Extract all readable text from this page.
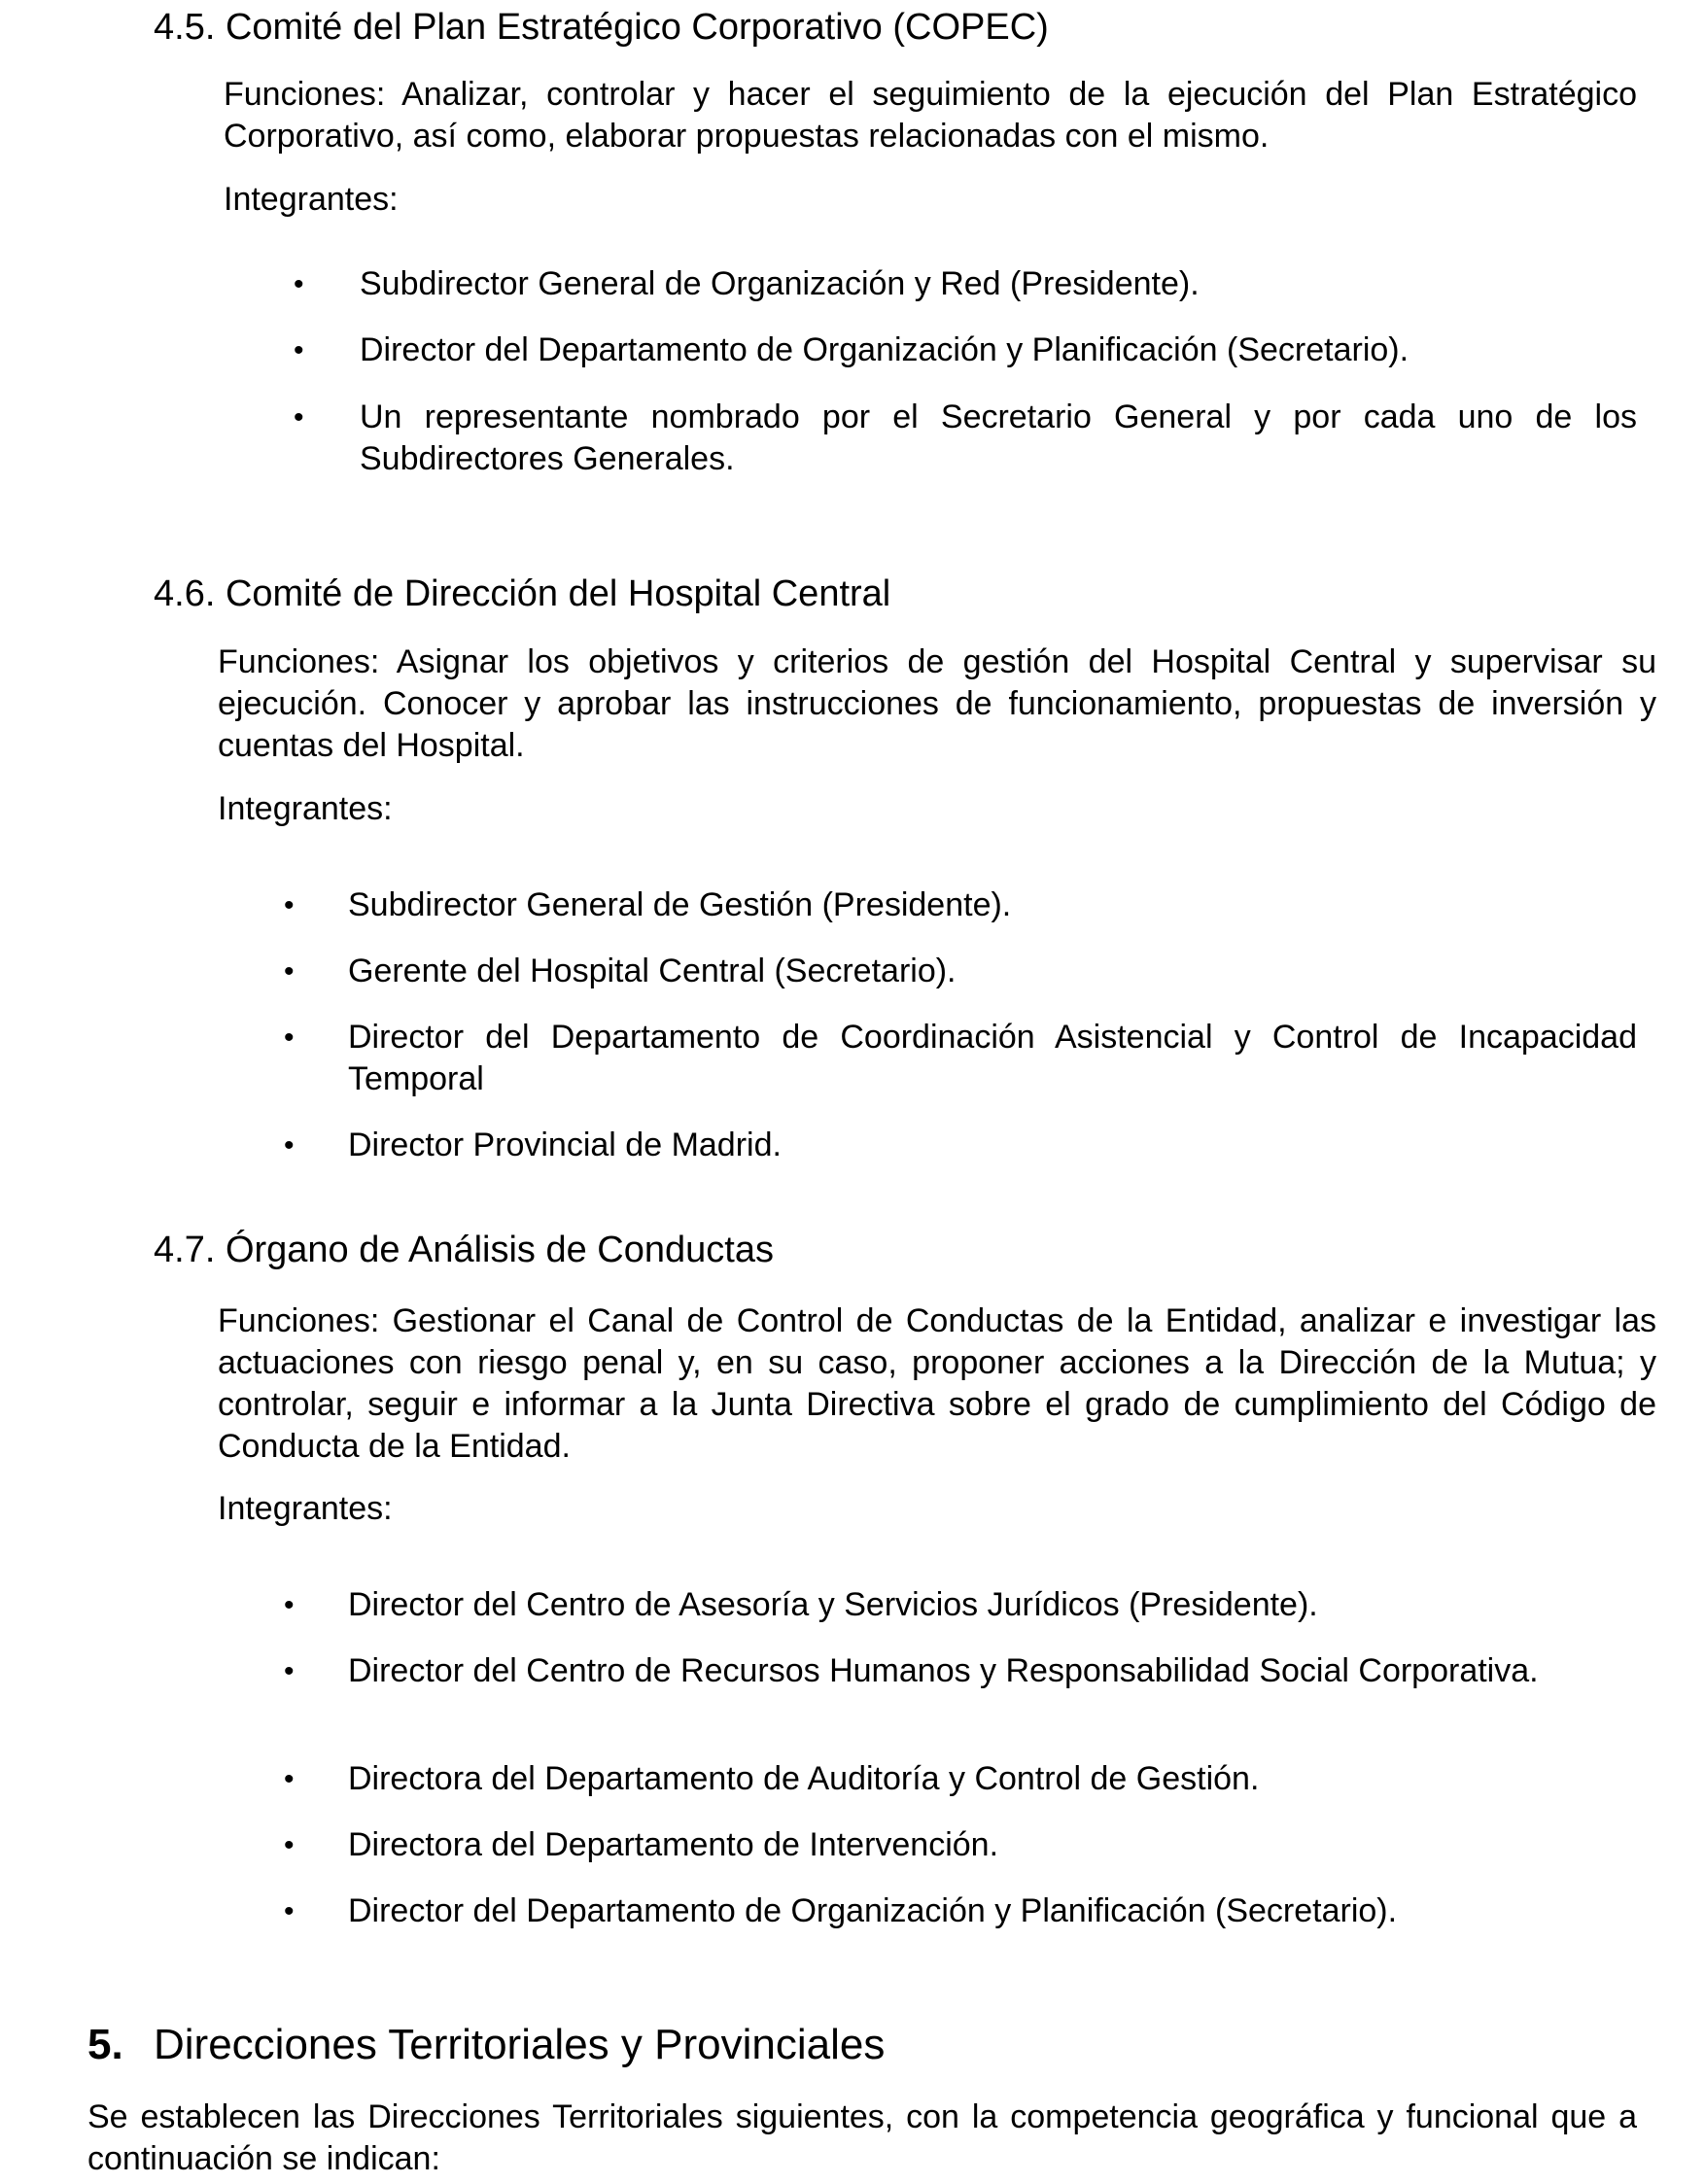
4.5. Comité del Plan Estratégico Corporativo (COPEC)
Funciones: Analizar, controlar y hacer el seguimiento de la ejecución del Plan Estratégico Corporativo, así como, elaborar propuestas relacionadas con el mismo.
Integrantes:
• Subdirector General de Organización y Red (Presidente).
• Director del Departamento de Organización y Planificación (Secretario).
• Un representante nombrado por el Secretario General y por cada uno de los Subdirectores Generales.
4.6. Comité de Dirección del Hospital Central
Funciones: Asignar los objetivos y criterios de gestión del Hospital Central y supervisar su ejecución. Conocer y aprobar las instrucciones de funcionamiento, propuestas de inversión y cuentas del Hospital.
Integrantes:
• Subdirector General de Gestión (Presidente).
• Gerente del Hospital Central (Secretario).
• Director del Departamento de Coordinación Asistencial y Control de Incapacidad Temporal
• Director Provincial de Madrid.
4.7. Órgano de Análisis de Conductas
Funciones: Gestionar el Canal de Control de Conductas de la Entidad, analizar e investigar las actuaciones con riesgo penal y, en su caso, proponer acciones a la Dirección de la Mutua; y controlar, seguir e informar a la Junta Directiva sobre el grado de cumplimiento del Código de Conducta de la Entidad.
Integrantes:
• Director del Centro de Asesoría y Servicios Jurídicos (Presidente).
• Director del Centro de Recursos Humanos y Responsabilidad Social Corporativa.
• Directora del Departamento de Auditoría y Control de Gestión.
• Directora del Departamento de Intervención.
• Director del Departamento de Organización y Planificación (Secretario).
5. Direcciones Territoriales y Provinciales
Se establecen las Direcciones Territoriales siguientes, con la competencia geográfica y funcional que a continuación se indican:
